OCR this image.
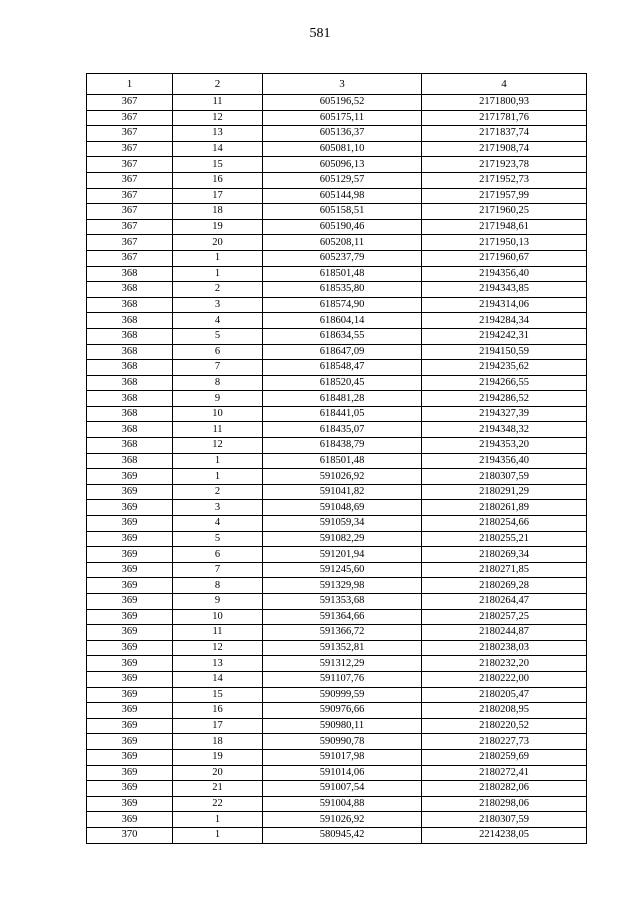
581
1	2	3	4
367	11	605196,52	2171800,93
367	12	605175,11	2171781,76
367	13	605136,37	2171837,74
367	14	605081,10	2171908,74
367	15	605096,13	2171923,78
367	16	605129,57	2171952,73
367	17	605144,98	2171957,99
367	18	605158,51	2171960,25
367	19	605190,46	2171948,61
367	20	605208,11	2171950,13
367	1	605237,79	2171960,67
368	1	618501,48	2194356,40
368	2	618535,80	2194343,85
368	3	618574,90	2194314,06
368	4	618604,14	2194284,34
368	5	618634,55	2194242,31
368	6	618647,09	2194150,59
368	7	618548,47	2194235,62
368	8	618520,45	2194266,55
368	9	618481,28	2194286,52
368	10	618441,05	2194327,39
368	11	618435,07	2194348,32
368	12	618438,79	2194353,20
368	1	618501,48	2194356,40
369	1	591026,92	2180307,59
369	2	591041,82	2180291,29
369	3	591048,69	2180261,89
369	4	591059,34	2180254,66
369	5	591082,29	2180255,21
369	6	591201,94	2180269,34
369	7	591245,60	2180271,85
369	8	591329,98	2180269,28
369	9	591353,68	2180264,47
369	10	591364,66	2180257,25
369	11	591366,72	2180244,87
369	12	591352,81	2180238,03
369	13	591312,29	2180232,20
369	14	591107,76	2180222,00
369	15	590999,59	2180205,47
369	16	590976,66	2180208,95
369	17	590980,11	2180220,52
369	18	590990,78	2180227,73
369	19	591017,98	2180259,69
369	20	591014,06	2180272,41
369	21	591007,54	2180282,06
369	22	591004,88	2180298,06
369	1	591026,92	2180307,59
370	1	580945,42	2214238,05
